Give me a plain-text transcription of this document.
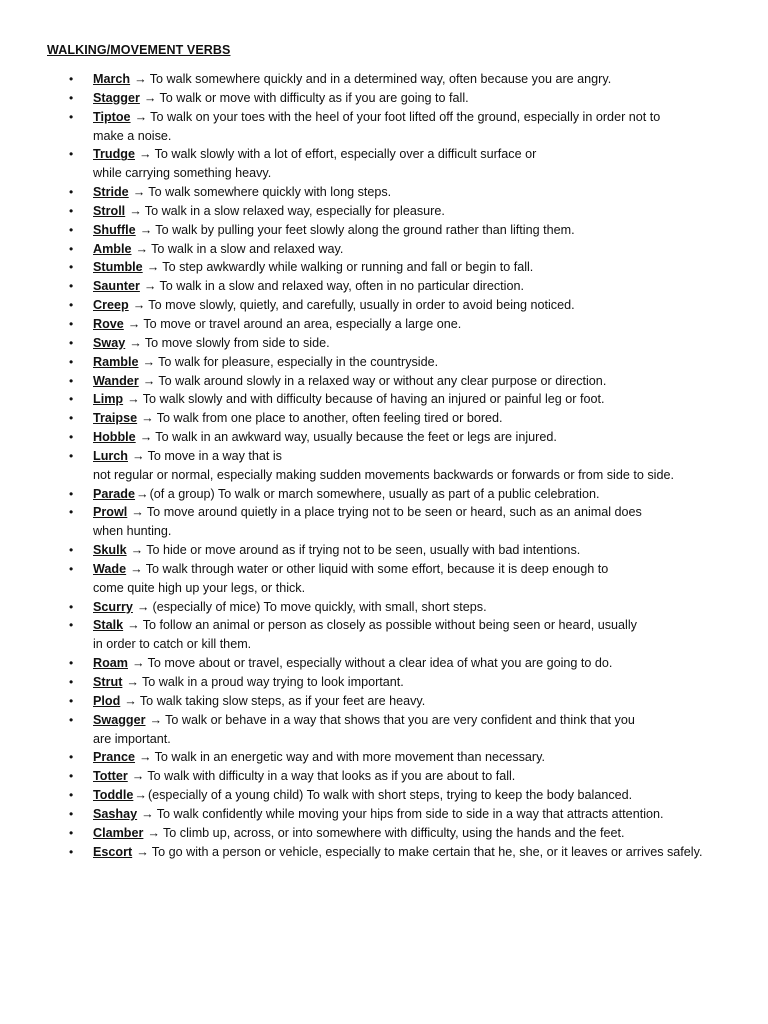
WALKING/MOVEMENT VERBS
• March → To walk somewhere quickly and in a determined way, often because you are angry.
• Stagger → To walk or move with difficulty as if you are going to fall.
• Tiptoe → To walk on your toes with the heel of your foot lifted off the ground, especially in order not to
make a noise.
• Trudge → To walk slowly with a lot of effort, especially over a difficult surface or
while carrying something heavy.
• Stride → To walk somewhere quickly with long steps.
• Stroll → To walk in a slow relaxed way, especially for pleasure.
• Shuffle → To walk by pulling your feet slowly along the ground rather than lifting them.
• Amble → To walk in a slow and relaxed way.
• Stumble → To step awkwardly while walking or running and fall or begin to fall.
• Saunter → To walk in a slow and relaxed way, often in no particular direction.
• Creep → To move slowly, quietly, and carefully, usually in order to avoid being noticed.
• Rove → To move or travel around an area, especially a large one.
• Sway → To move slowly from side to side.
• Ramble → To walk for pleasure, especially in the countryside.
• Wander → To walk around slowly in a relaxed way or without any clear purpose or direction.
• Limp → To walk slowly and with difficulty because of having an injured or painful leg or foot.
• Traipse → To walk from one place to another, often feeling tired or bored.
• Hobble → To walk in an awkward way, usually because the feet or legs are injured.
• Lurch → To move in a way that is
not regular or normal, especially making sudden movements backwards or forwards or from side to side.
• Parade→(of a group) To walk or march somewhere, usually as part of a public celebration.
• Prowl → To move around quietly in a place trying not to be seen or heard, such as an animal does
when hunting.
• Skulk → To hide or move around as if trying not to be seen, usually with bad intentions.
• Wade → To walk through water or other liquid with some effort, because it is deep enough to
come quite high up your legs, or thick.
• Scurry → (especially of mice) To move quickly, with small, short steps.
• Stalk → To follow an animal or person as closely as possible without being seen or heard, usually
in order to catch or kill them.
• Roam → To move about or travel, especially without a clear idea of what you are going to do.
• Strut → To walk in a proud way trying to look important.
• Plod → To walk taking slow steps, as if your feet are heavy.
• Swagger → To walk or behave in a way that shows that you are very confident and think that you
are important.
• Prance → To walk in an energetic way and with more movement than necessary.
• Totter → To walk with difficulty in a way that looks as if you are about to fall.
• Toddle→(especially of a young child) To walk with short steps, trying to keep the body balanced.
• Sashay → To walk confidently while moving your hips from side to side in a way that attracts attention.
• Clamber → To climb up, across, or into somewhere with difficulty, using the hands and the feet.
• Escort → To go with a person or vehicle, especially to make certain that he, she, or it leaves or arrives safely.
